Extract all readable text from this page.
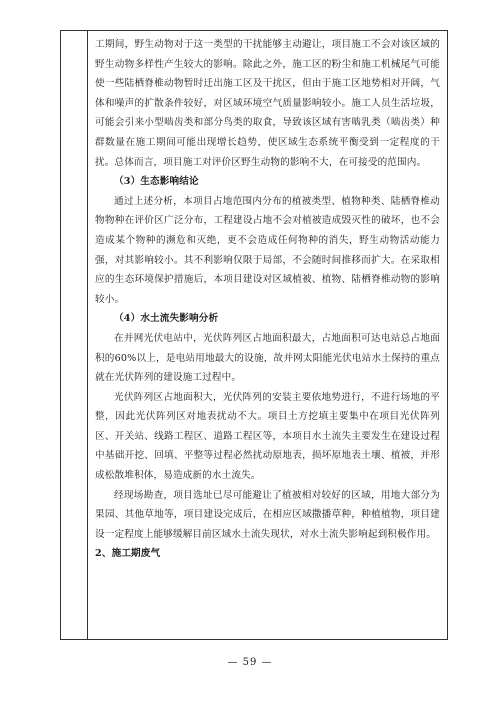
工期间，野生动物对于这一类型的干扰能够主动避让，项目施工不会对该区域的野生动物多样性产生较大的影响。除此之外，施工区的粉尘和施工机械尾气可能使一些陆栖脊椎动物暂时迁出施工区及干扰区，但由于施工区地势相对开阔，气体和噪声的扩散条件较好，对区域环境空气质量影响较小。施工人员生活垃圾，可能会引来小型啮齿类和部分鸟类的取食，导致该区域有害啮乳类（啮齿类）种群数量在施工期间可能出现增长趋势，使区域生态系统平衡受到一定程度的干扰。总体而言，项目施工对评价区野生动物的影响不大，在可接受的范围内。

（3）生态影响结论

通过上述分析，本项目占地范围内分布的植被类型、植物种类、陆栖脊椎动物物种在评价区广泛分布，工程建设占地不会对植被造成毁灭性的破坏，也不会造成某个物种的濒危和灭绝，更不会造成任何物种的消失，野生动物活动能力强，对其影响较小。其不利影响仅限于局部，不会随时间推移而扩大。在采取相应的生态环境保护措施后，本项目建设对区域植被、植物、陆栖脊椎动物的影响较小。

（4）水土流失影响分析

在并网光伏电站中，光伏阵列区占地面积最大，占地面积可达电站总占地面积的60%以上，是电站用地最大的设施，故并网太阳能光伏电站水土保持的重点就在光伏阵列的建设施工过程中。

光伏阵列区占地面积大，光伏阵列的安装主要依地势进行，不进行场地的平整，因此光伏阵列区对地表扰动不大。项目土方挖填主要集中在项目光伏阵列区、开关站、线路工程区、道路工程区等，本项目水土流失主要发生在建设过程中基础开挖、回填、平整等过程必然扰动原地表，损坏原地表土壤、植被，并形成松散堆积体，易造成新的水土流失。

经现场勘查，项目选址已尽可能避让了植被相对较好的区域，用地大部分为果园、其他草地等，项目建设完成后，在相应区域撒播草种，种植植物，项目建设一定程度上能够缓解目前区域水土流失现状，对水土流失影响起到积极作用。

2、施工期废气

— 59 —
